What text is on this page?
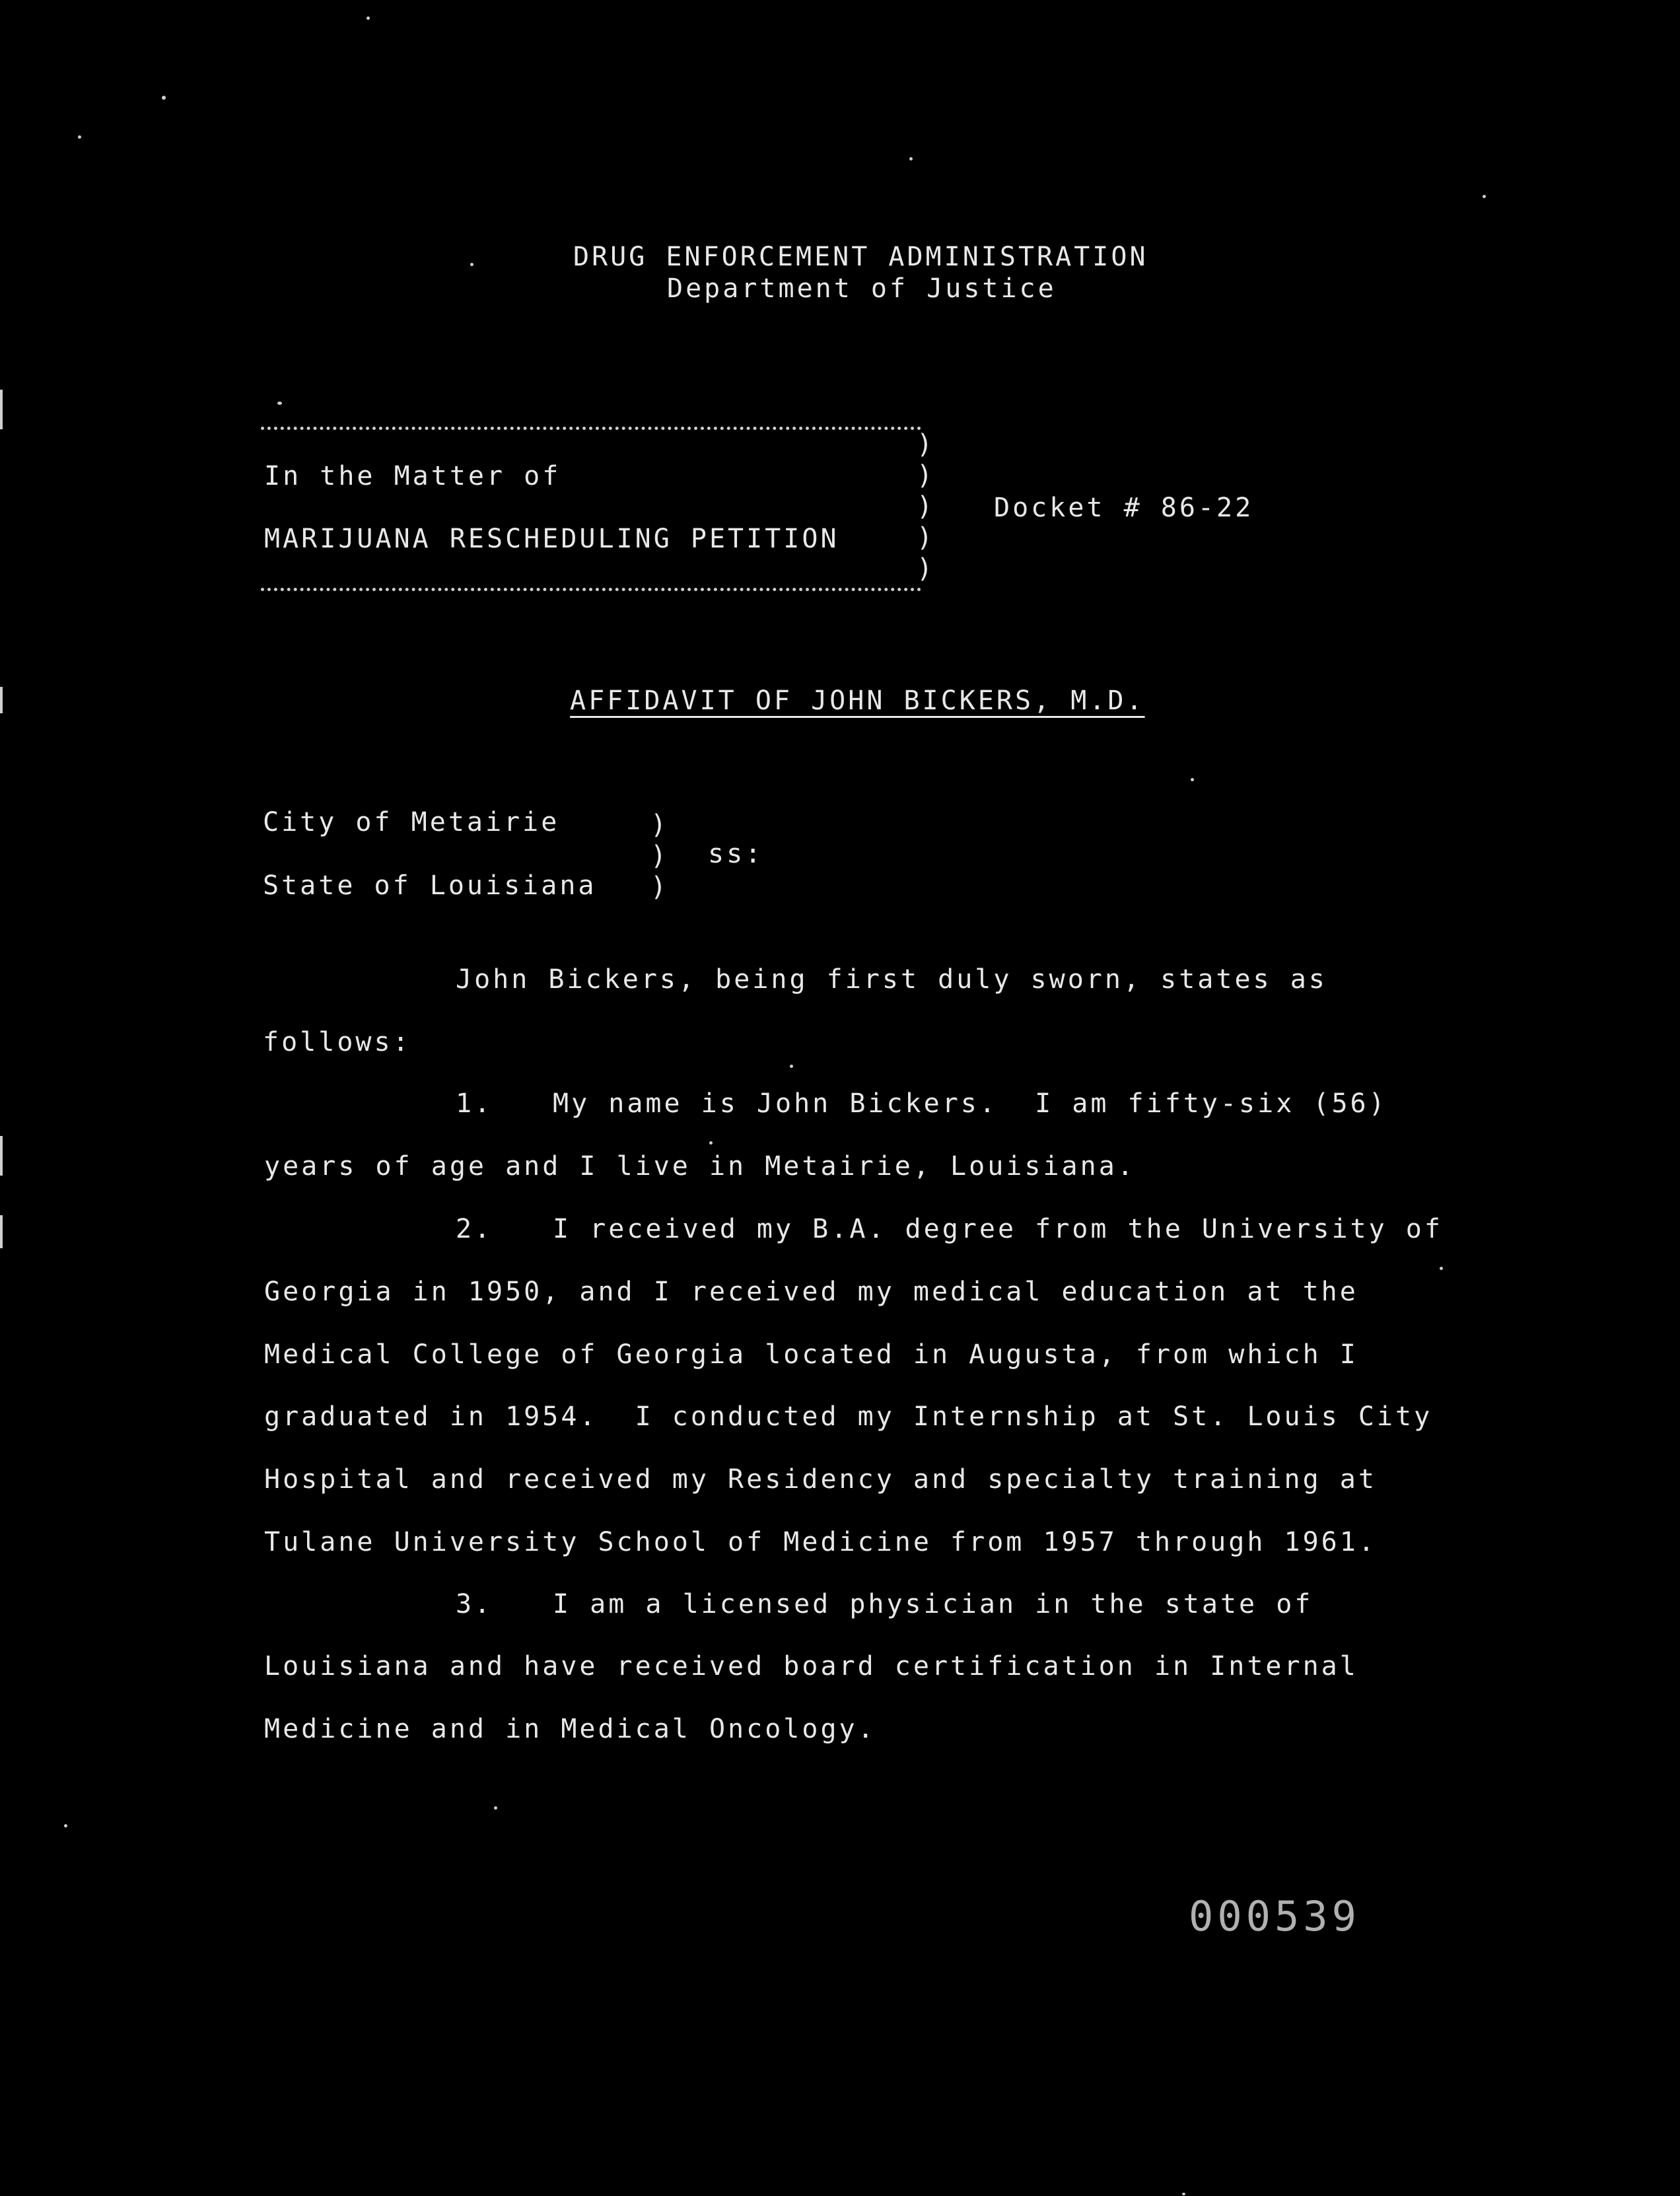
DRUG ENFORCEMENT ADMINISTRATION
Department of Justice
In the Matter of
MARIJUANA RESCHEDULING PETITION
)
)
)
)
)
Docket # 86-22
AFFIDAVIT OF JOHN BICKERS, M.D.
City of Metairie
State of Louisiana
)
)
)
ss:
John Bickers, being first duly sworn, states as
follows:
1. My name is John Bickers.  I am fifty-six (56)
years of age and I live in Metairie, Louisiana.
2. I received my B.A. degree from the University of
Georgia in 1950, and I received my medical education at the
Medical College of Georgia located in Augusta, from which I
graduated in 1954.  I conducted my Internship at St. Louis City
Hospital and received my Residency and specialty training at
Tulane University School of Medicine from 1957 through 1961.
3. I am a licensed physician in the state of
Louisiana and have received board certification in Internal
Medicine and in Medical Oncology.
000539
